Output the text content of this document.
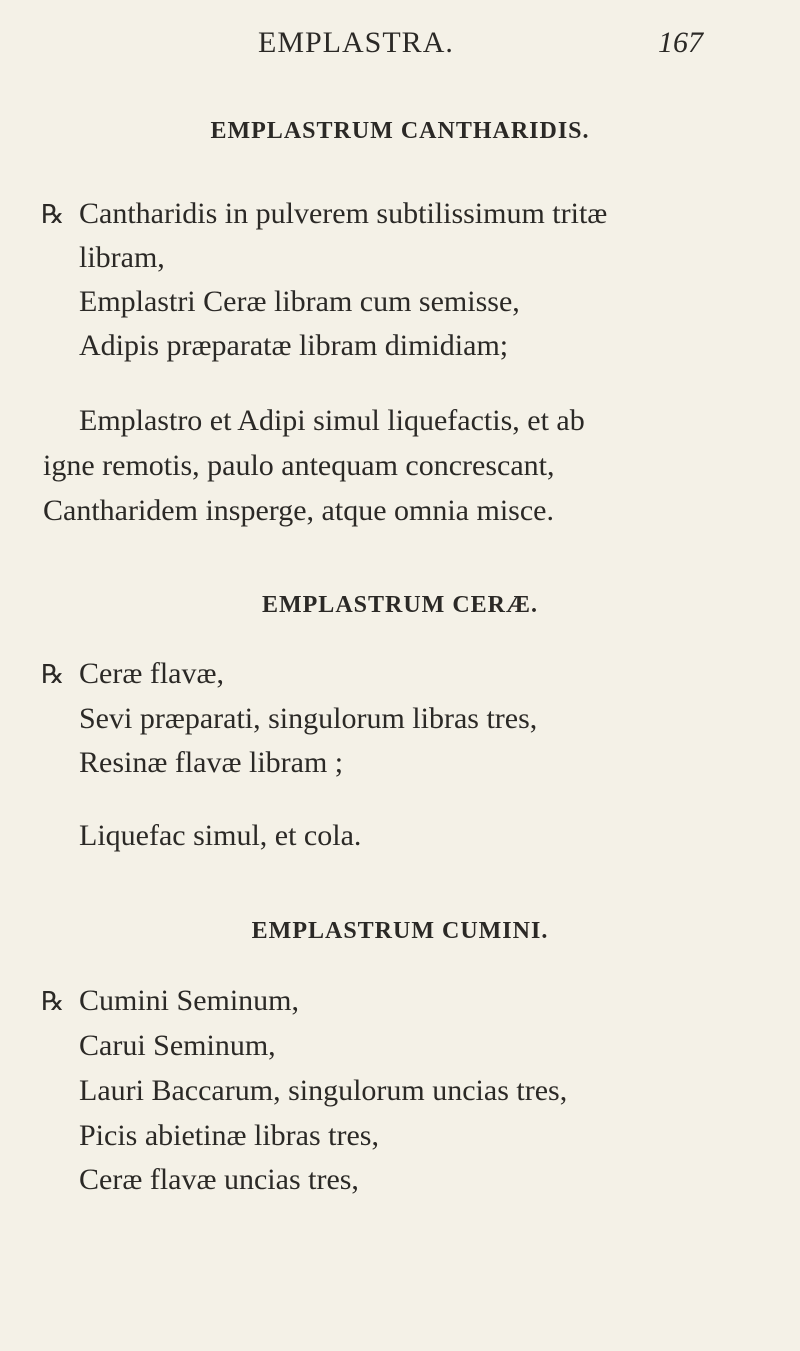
EMPLASTRA.	167
EMPLASTRUM CANTHARIDIS.
℞ Cantharidis in pulverem subtilissimum tritæ
libram,
Emplastri Ceræ libram cum semisse,
Adipis præparatæ libram dimidiam;
Emplastro et Adipi simul liquefactis, et ab
igne remotis, paulo antequam concrescant,
Cantharidem insperge, atque omnia misce.
EMPLASTRUM CERÆ.
℞ Ceræ flavæ,
Sevi præparati, singulorum libras tres,
Resinæ flavæ libram ;
Liquefac simul, et cola.
EMPLASTRUM CUMINI.
℞ Cumini Seminum,
Carui Seminum,
Lauri Baccarum, singulorum uncias tres,
Picis abietinæ libras tres,
Ceræ flavæ uncias tres,
